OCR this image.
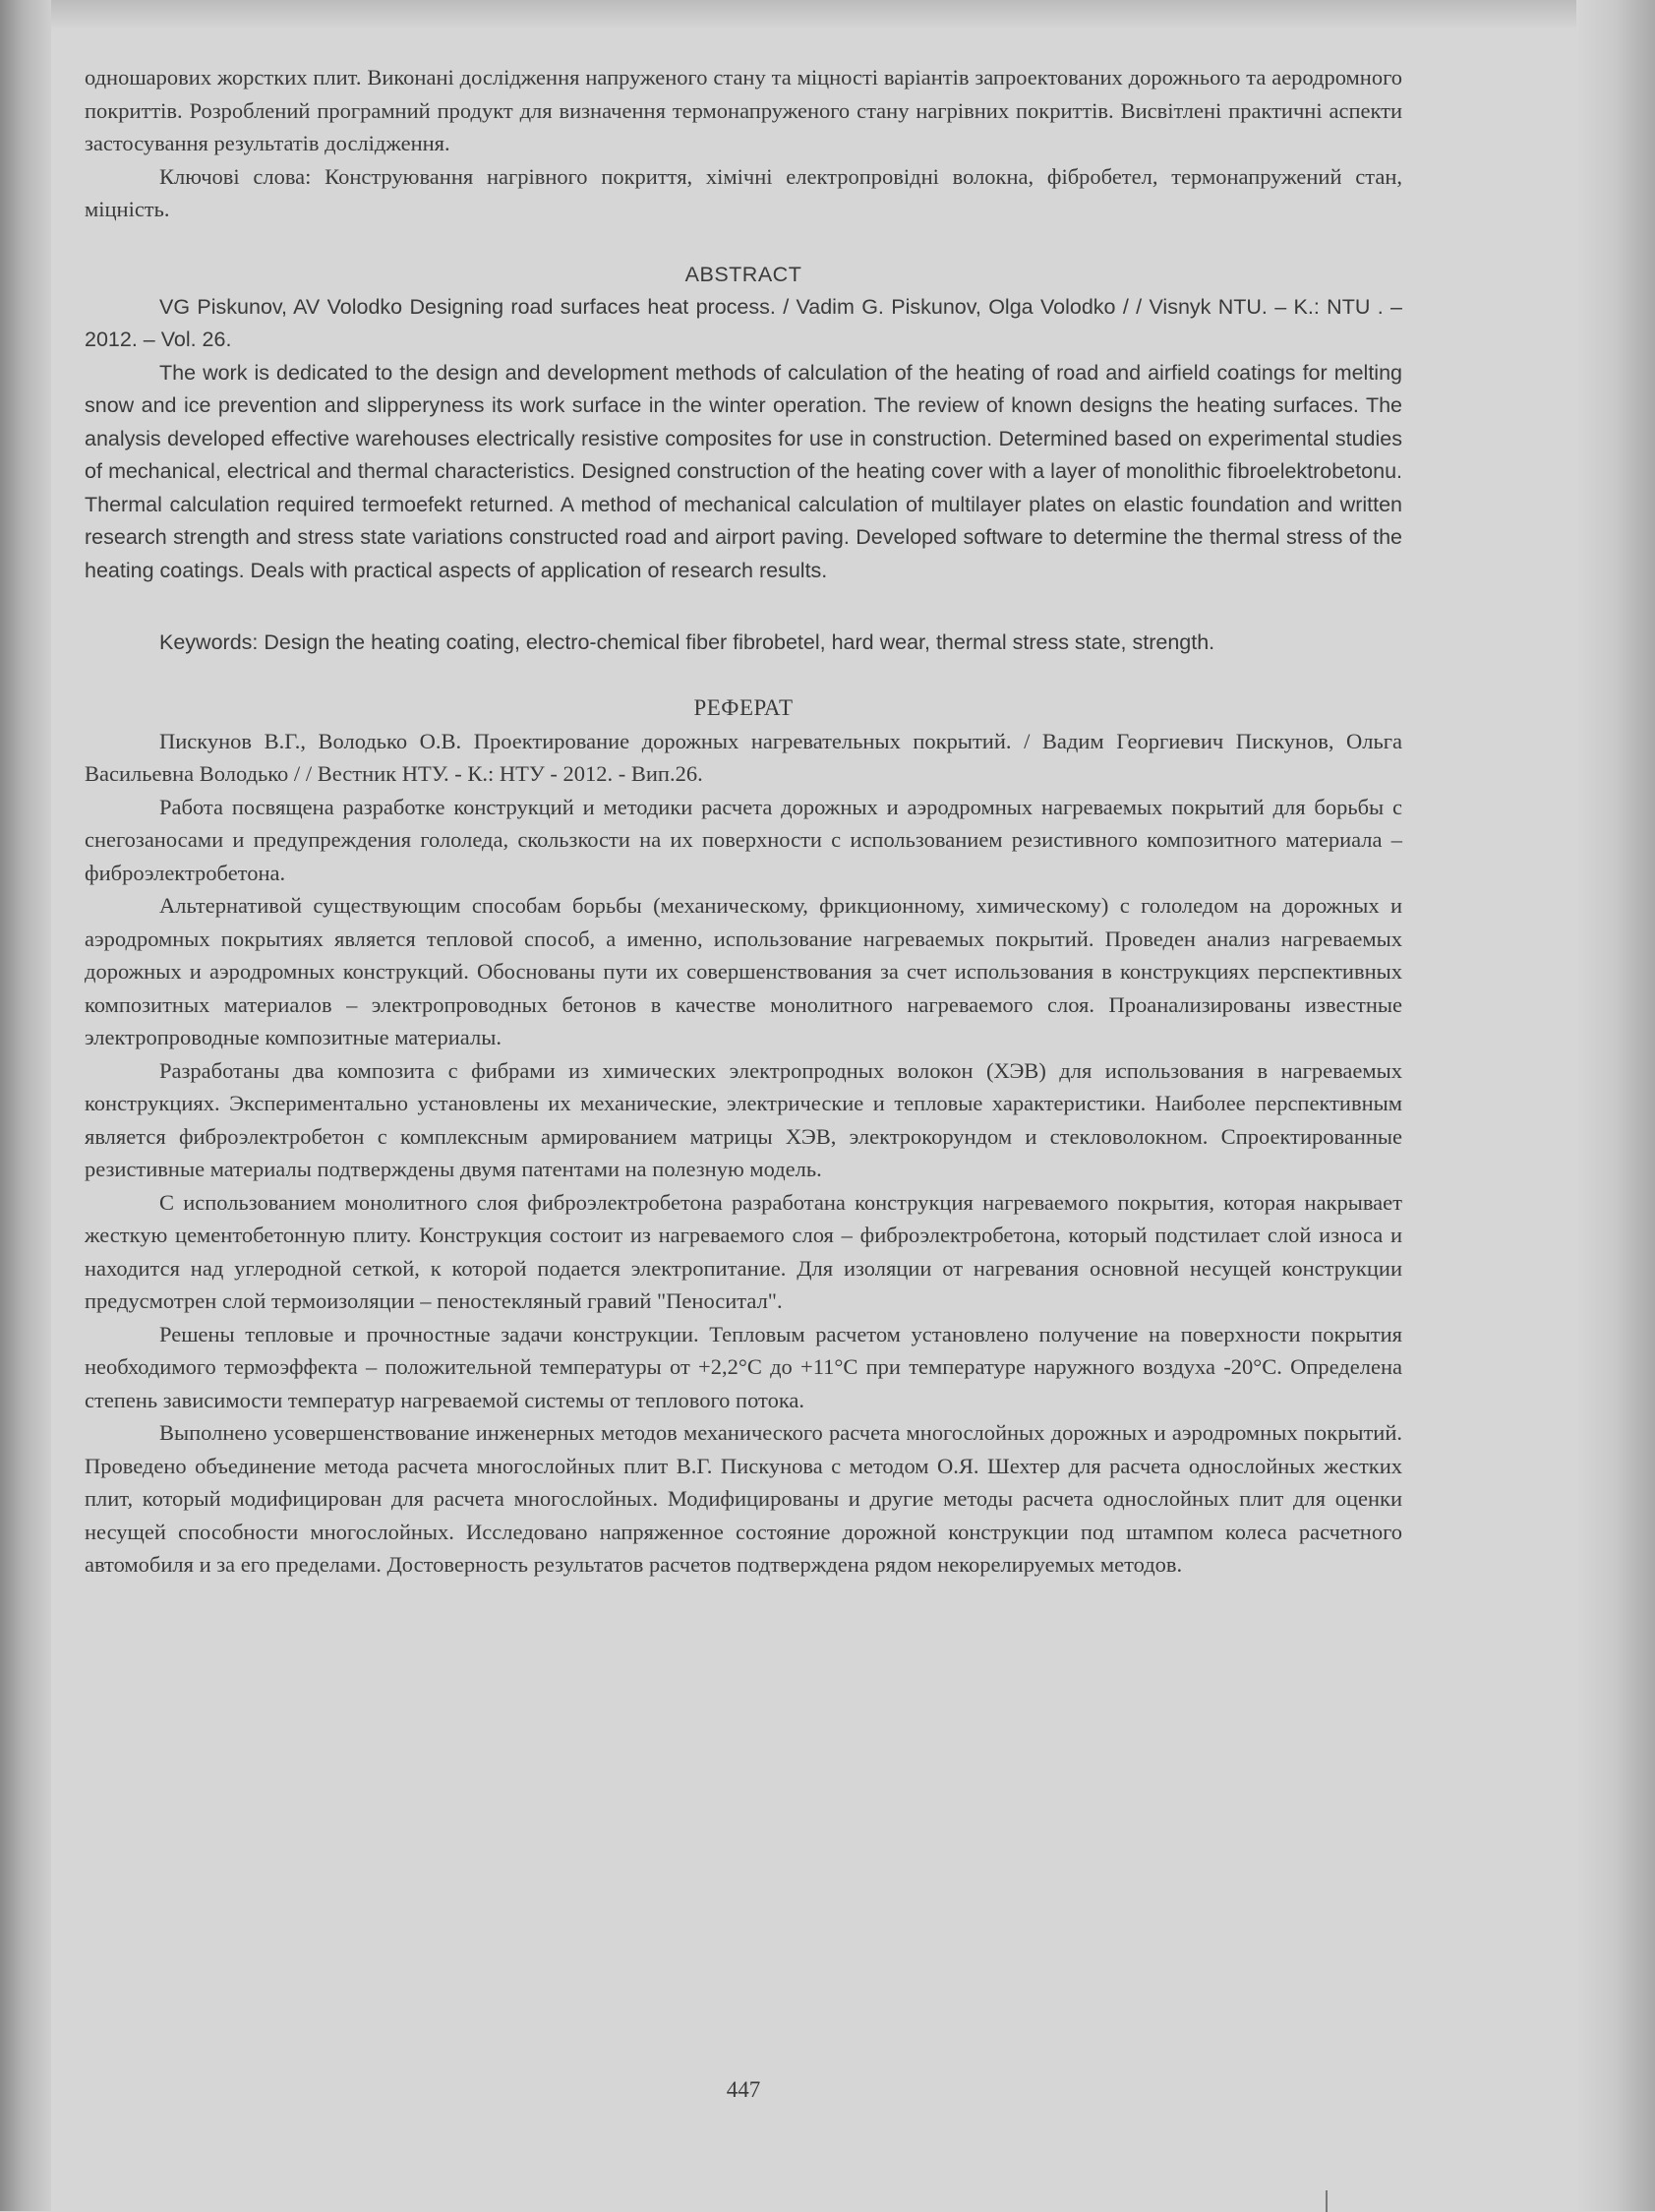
одношарових жорстких плит. Виконані дослідження напруженого стану та міцності варіантів запроектованих дорожнього та аеродромного покриттів. Розроблений програмний продукт для визначення термонапруженого стану нагрівних покриттів. Висвітлені практичні аспекти застосування результатів дослідження.

Ключові слова: Конструювання нагрівного покриття, хімічні електропровідні волокна, фібробетел, термонапружений стан, міцність.

ABSTRACT

VG Piskunov, AV Volodko Designing road surfaces heat process. / Vadim G. Piskunov, Olga Volodko / / Visnyk NTU. – K.: NTU . – 2012. – Vol. 26.

The work is dedicated to the design and development methods of calculation of the heating of road and airfield coatings for melting snow and ice prevention and slipperyness its work surface in the winter operation. The review of known designs the heating surfaces. The analysis developed effective warehouses electrically resistive composites for use in construction. Determined based on experimental studies of mechanical, electrical and thermal characteristics. Designed construction of the heating cover with a layer of monolithic fibroelektrobetonu. Thermal calculation required termoefekt returned. A method of mechanical calculation of multilayer plates on elastic foundation and written research strength and stress state variations constructed road and airport paving. Developed software to determine the thermal stress of the heating coatings. Deals with practical aspects of application of research results.

Keywords: Design the heating coating, electro-chemical fiber fibrobetel, hard wear, thermal stress state, strength.

РЕФЕРАТ

Пискунов В.Г., Володько О.В. Проектирование дорожных нагревательных покрытий. / Вадим Георгиевич Пискунов, Ольга Васильевна Володько / / Вестник НТУ. - К.: НТУ - 2012. - Вип.26.

Работа посвящена разработке конструкций и методики расчета дорожных и аэродромных нагреваемых покрытий для борьбы с снегозаносами и предупреждения гололеда, скользкости на их поверхности с использованием резистивного композитного материала – фиброэлектробетона.

Альтернативой существующим способам борьбы (механическому, фрикционному, химическому) с гололедом на дорожных и аэродромных покрытиях является тепловой способ, а именно, использование нагреваемых покрытий. Проведен анализ нагреваемых дорожных и аэродромных конструкций. Обоснованы пути их совершенствования за счет использования в конструкциях перспективных композитных материалов – электропроводных бетонов в качестве монолитного нагреваемого слоя. Проанализированы известные электропроводные композитные материалы.

Разработаны два композита с фибрами из химических электропродных волокон (ХЭВ) для использования в нагреваемых конструкциях. Экспериментально установлены их механические, электрические и тепловые характеристики. Наиболее перспективным является фиброэлектробетон с комплексным армированием матрицы ХЭВ, электрокорундом и стекловолокном. Спроектированные резистивные материалы подтверждены двумя патентами на полезную модель.

С использованием монолитного слоя фиброэлектробетона разработана конструкция нагреваемого покрытия, которая накрывает жесткую цементобетонную плиту. Конструкция состоит из нагреваемого слоя – фиброэлектробетона, который подстилает слой износа и находится над углеродной сеткой, к которой подается электропитание. Для изоляции от нагревания основной несущей конструкции предусмотрен слой термоизоляции – пеностекляный гравий "Пеноситал".

Решены тепловые и прочностные задачи конструкции. Тепловым расчетом установлено получение на поверхности покрытия необходимого термоэффекта – положительной температуры от +2,2°С до +11°С при температуре наружного воздуха -20°С. Определена степень зависимости температур нагреваемой системы от теплового потока.

Выполнено усовершенствование инженерных методов механического расчета многослойных дорожных и аэродромных покрытий. Проведено объединение метода расчета многослойных плит В.Г. Пискунова с методом О.Я. Шехтер для расчета однослойных жестких плит, который модифицирован для расчета многослойных. Модифицированы и другие методы расчета однослойных плит для оценки несущей способности многослойных. Исследовано напряженное состояние дорожной конструкции под штампом колеса расчетного автомобиля и за его пределами. Достоверность результатов расчетов подтверждена рядом некорелируемых методов.

447
